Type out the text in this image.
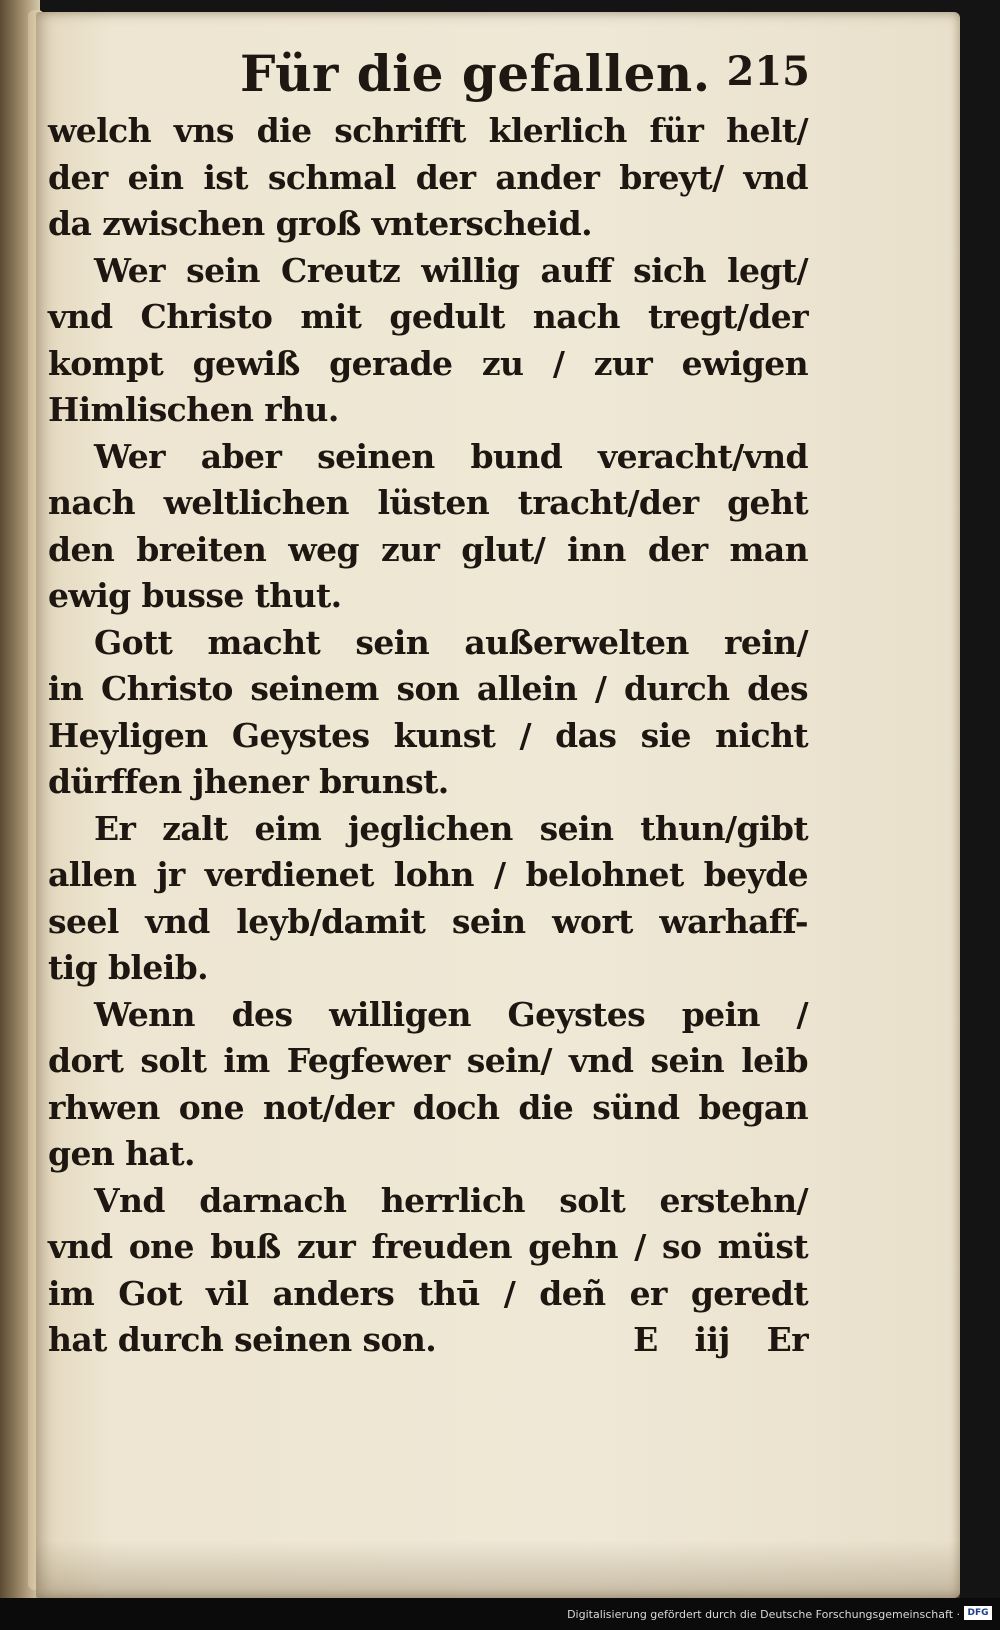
Für die gefallen. 215
welch vns die schrifft klerlich für helt/
der ein ist schmal der ander breyt/ vnd
da zwischen groß vnterscheid.
Wer sein Creutz willig auff sich legt/
vnd Christo mit gedult nach tregt/der
kompt gewiß gerade zu / zur ewigen
Himlischen rhu.
Wer aber seinen bund veracht/vnd
nach weltlichen lüsten tracht/der geht
den breiten weg zur glut/ inn der man
ewig busse thut.
Gott macht sein außerwelten rein/
in Christo seinem son allein / durch des
Heyligen Geystes kunst / das sie nicht
dürffen jhener brunst.
Er zalt eim jeglichen sein thun/gibt
allen jr verdienet lohn / belohnet beyde
seel vnd leyb/damit sein wort warhaff-
tig bleib.
Wenn des willigen Geystes pein /
dort solt im Fegfewer sein/ vnd sein leib
rhwen one not/der doch die sünd began
gen hat.
Vnd darnach herrlich solt erstehn/
vnd one buß zur freuden gehn / so müst
im Got vil anders thū / deñ er geredt
hat durch seinen son.	E iij Er
Digitalisierung gefördert durch die Deutsche Forschungsgemeinschaft · DFG
